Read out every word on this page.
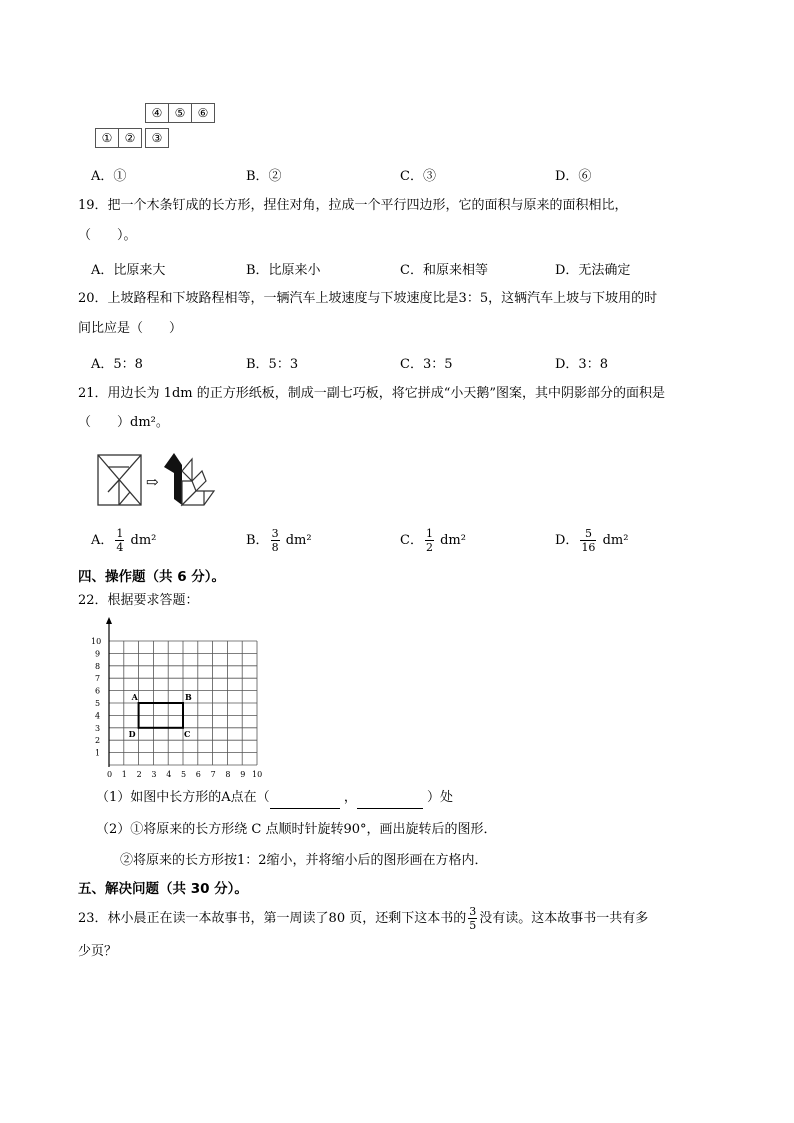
④	⑤	⑥
①	②	③
A．①	B．②	C．③	D．⑥
19．把一个木条钉成的长方形，捏住对角，拉成一个平行四边形，它的面积与原来的面积相比，
（　　）。
A．比原来大	B．比原来小	C．和原来相等	D．无法确定
20．上坡路程和下坡路程相等，一辆汽车上坡速度与下坡速度比是3：5，这辆汽车上坡与下坡用的时
间比应是（　　）
A．5：8	B．5：3	C．3：5	D．3：8
21．用边长为 1dm 的正方形纸板，制成一副七巧板，将它拼成“小天鹅”图案，其中阴影部分的面积是
（　　）dm²。
⇨
A． $\frac{1}{4} dm^2$	B． $\frac{3}{8} dm^2$	C． $\frac{1}{2} dm^2$	D． $\frac{5}{16} dm^2$
四、操作题（共 6 分）。
22．根据要求答题：
10
9
8
7
6
5
4
3
2
1
0 1 2 3 4 5 6 7 8 9 10
A	B
C
D
（1）如图中长方形的A点在（	，	）处
（2）①将原来的长方形绕 C 点顺时针旋转90°，画出旋转后的图形．
②将原来的长方形按1：2缩小，并将缩小后的图形画在方格内．
五、解决问题（共 30 分）。
23．林小晨正在读一本故事书，第一周读了80 页，还剩下这本书的 $\frac{3}{5}$ 没有读。这本故事书一共有多
少页？
